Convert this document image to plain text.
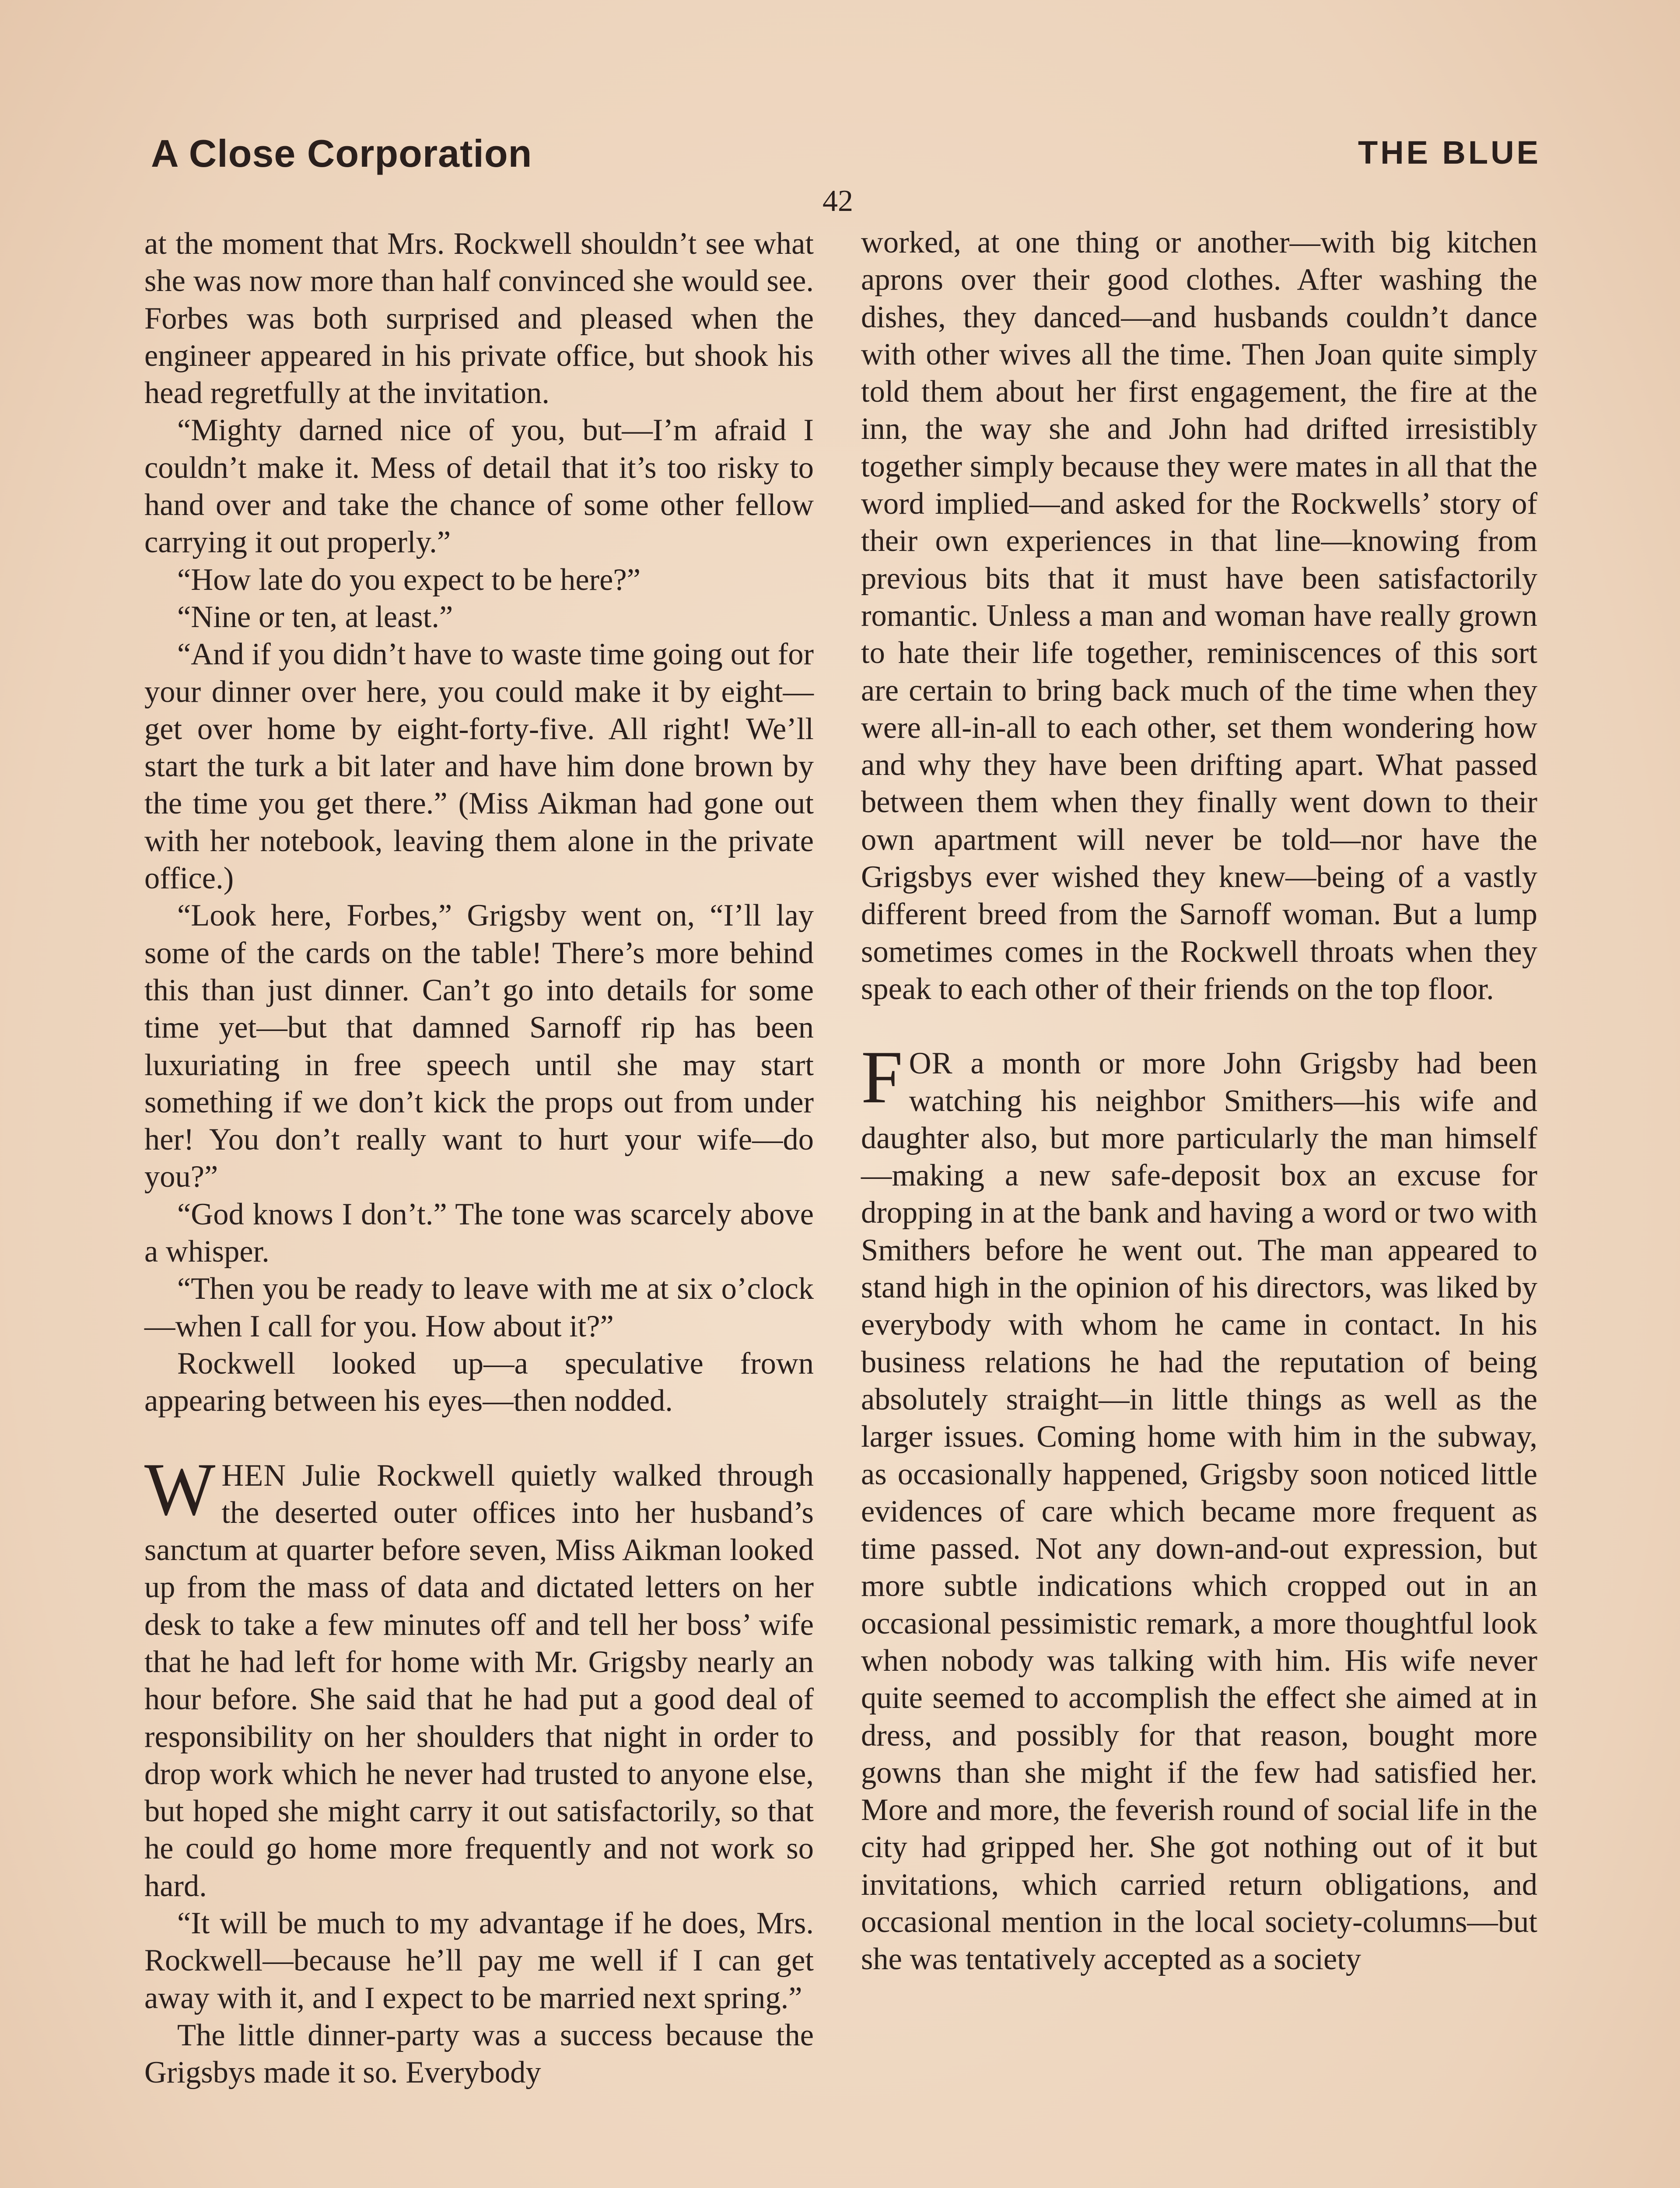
A Close Corporation	THE BLUE
42

at the moment that Mrs. Rockwell shouldn’t see what she was now more than half convinced she would see. Forbes was both surprised and pleased when the engineer appeared in his private office, but shook his head regretfully at the invitation.

“Mighty darned nice of you, but—I’m afraid I couldn’t make it. Mess of detail that it’s too risky to hand over and take the chance of some other fellow carrying it out properly.”

“How late do you expect to be here?”

“Nine or ten, at least.”

“And if you didn’t have to waste time going out for your dinner over here, you could make it by eight—get over home by eight-forty-five. All right! We’ll start the turk a bit later and have him done brown by the time you get there.” (Miss Aikman had gone out with her notebook, leaving them alone in the private office.)

“Look here, Forbes,” Grigsby went on, “I’ll lay some of the cards on the table! There’s more behind this than just dinner. Can’t go into details for some time yet—but that damned Sarnoff rip has been luxuriating in free speech until she may start something if we don’t kick the props out from under her! You don’t really want to hurt your wife—do you?”

“God knows I don’t.” The tone was scarcely above a whisper.

“Then you be ready to leave with me at six o’clock—when I call for you. How about it?”

Rockwell looked up—a speculative frown appearing between his eyes—then nodded.

WHEN Julie Rockwell quietly walked through the deserted outer offices into her husband’s sanctum at quarter before seven, Miss Aikman looked up from the mass of data and dictated letters on her desk to take a few minutes off and tell her boss’ wife that he had left for home with Mr. Grigsby nearly an hour before. She said that he had put a good deal of responsibility on her shoulders that night in order to drop work which he never had trusted to anyone else, but hoped she might carry it out satisfactorily, so that he could go home more frequently and not work so hard.

“It will be much to my advantage if he does, Mrs. Rockwell—because he’ll pay me well if I can get away with it, and I expect to be married next spring.”

The little dinner-party was a success because the Grigsbys made it so. Everybody

worked, at one thing or another—with big kitchen aprons over their good clothes. After washing the dishes, they danced—and husbands couldn’t dance with other wives all the time. Then Joan quite simply told them about her first engagement, the fire at the inn, the way she and John had drifted irresistibly together simply because they were mates in all that the word implied—and asked for the Rockwells’ story of their own experiences in that line—knowing from previous bits that it must have been satisfactorily romantic. Unless a man and woman have really grown to hate their life together, reminiscences of this sort are certain to bring back much of the time when they were all-in-all to each other, set them wondering how and why they have been drifting apart. What passed between them when they finally went down to their own apartment will never be told—nor have the Grigsbys ever wished they knew—being of a vastly different breed from the Sarnoff woman. But a lump sometimes comes in the Rockwell throats when they speak to each other of their friends on the top floor.

FOR a month or more John Grigsby had been watching his neighbor Smithers—his wife and daughter also, but more particularly the man himself—making a new safe-deposit box an excuse for dropping in at the bank and having a word or two with Smithers before he went out. The man appeared to stand high in the opinion of his directors, was liked by everybody with whom he came in contact. In his business relations he had the reputation of being absolutely straight—in little things as well as the larger issues. Coming home with him in the subway, as occasionally happened, Grigsby soon noticed little evidences of care which became more frequent as time passed. Not any down-and-out expression, but more subtle indications which cropped out in an occasional pessimistic remark, a more thoughtful look when nobody was talking with him. His wife never quite seemed to accomplish the effect she aimed at in dress, and possibly for that reason, bought more gowns than she might if the few had satisfied her. More and more, the feverish round of social life in the city had gripped her. She got nothing out of it but invitations, which carried return obligations, and occasional mention in the local society-columns—but she was tentatively accepted as a society
